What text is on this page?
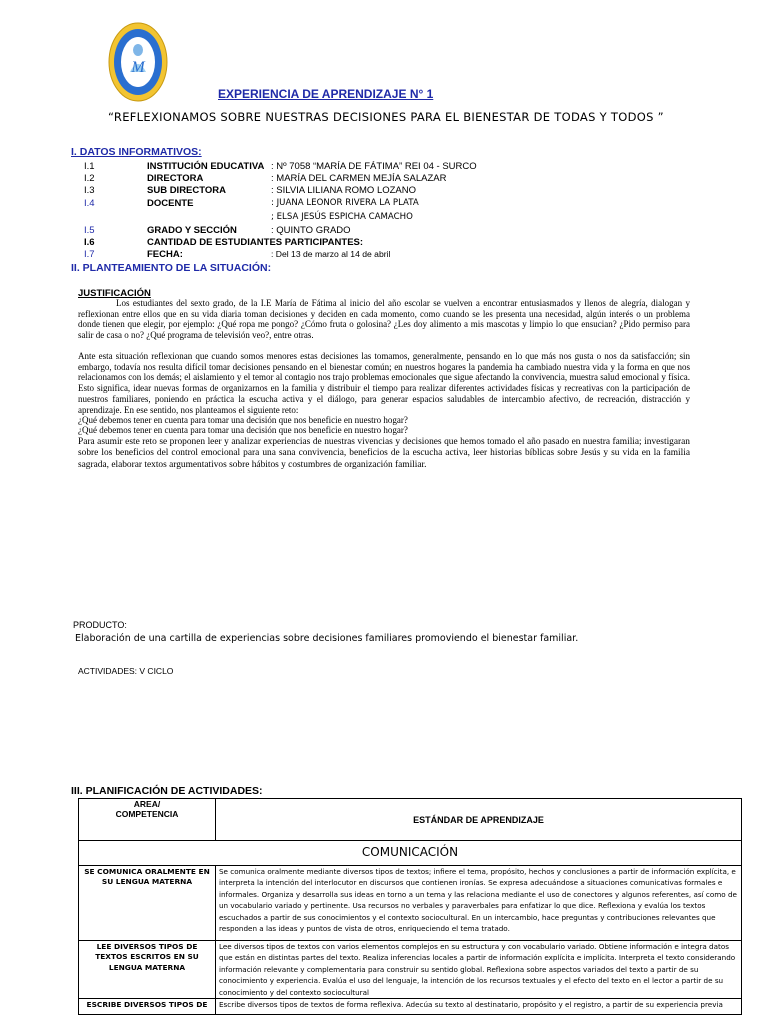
M
EXPERIENCIA DE APRENDIZAJE N° 1
“REFLEXIONAMOS SOBRE NUESTRAS DECISIONES PARA EL BIENESTAR DE TODAS Y TODOS ”
I. DATOS INFORMATIVOS:
I.1	INSTITUCIÓN EDUCATIVA : Nº 7058 “MARÍA DE FÁTIMA” REI 04 - SURCO
I.2	DIRECTORA	: MARÍA DEL CARMEN MEJÍA SALAZAR
I.3	SUB DIRECTORA	: SILVIA LILIANA ROMO LOZANO
I.4	DOCENTE	: JUANA LEONOR RIVERA LA PLATA
; ELSA JESÚS ESPICHA CAMACHO
I.5	GRADO Y SECCIÓN	: QUINTO GRADO
I.6	CANTIDAD DE ESTUDIANTES PARTICIPANTES:
I.7	FECHA:	: Del 13 de marzo al 14 de abril
II. PLANTEAMIENTO DE LA SITUACIÓN:
JUSTIFICACIÓN
Los estudiantes del sexto grado, de la I.E María de Fátima al inicio del año escolar se vuelven a encontrar entusiasmados y llenos de alegría, dialogan y reflexionan entre ellos que en su vida diaria toman decisiones y deciden en cada momento, como cuando se les presenta una necesidad, algún interés o un problema donde tienen que elegir, por ejemplo: ¿Qué ropa me pongo? ¿Cómo fruta o golosina? ¿Les doy alimento a mis mascotas y limpio lo que ensucian? ¿Pido permiso para salir de casa o no? ¿Qué programa de televisión veo?, entre otras.
Ante esta situación reflexionan que cuando somos menores estas decisiones las tomamos, generalmente, pensando en lo que más nos gusta o nos da satisfacción; sin embargo, todavía nos resulta difícil tomar decisiones pensando en el bienestar común; en nuestros hogares la pandemia ha cambiado nuestra vida y la forma en que nos relacionamos con los demás; el aislamiento y el temor al contagio nos trajo problemas emocionales que sigue afectando la convivencia, muestra salud emocional y física. Esto significa, idear nuevas formas de organizarnos en la familia y distribuir el tiempo para realizar diferentes actividades físicas y recreativas con la participación de nuestros familiares, poniendo en práctica la escucha activa y el diálogo, para generar espacios saludables de intercambio afectivo, de recreación, distracción y aprendizaje. En ese sentido, nos planteamos el siguiente reto:
¿Qué debemos tener en cuenta para tomar una decisión que nos beneficie en nuestro hogar?
¿Qué debemos tener en cuenta para tomar una decisión que nos beneficie en nuestro hogar?
Para asumir este reto se proponen leer y analizar experiencias de nuestras vivencias y decisiones que hemos tomado el año pasado en nuestra familia; investigaran sobre los beneficios del control emocional para una sana convivencia, beneficios de la escucha activa, leer historias bíblicas sobre Jesús y su vida en la familia sagrada, elaborar textos argumentativos sobre hábitos y costumbres de organización familiar.
PRODUCTO:
Elaboración de una cartilla de experiencias sobre decisiones familiares promoviendo el bienestar familiar.
ACTIVIDADES: V CICLO
III. PLANIFICACIÓN DE ACTIVIDADES:
AREA/
COMPETENCIA	ESTÁNDAR DE APRENDIZAJE
COMUNICACIÓN	
SE COMUNICA ORALMENTE EN SU LENGUA MATERNA	Se comunica oralmente mediante diversos tipos de textos; infiere el tema, propósito, hechos y conclusiones a partir de información explícita, e interpreta la intención del interlocutor en discursos que contienen ironías. Se expresa adecuándose a situaciones comunicativas formales e informales. Organiza y desarrolla sus ideas en torno a un tema y las relaciona mediante el uso de conectores y algunos referentes, así como de un vocabulario variado y pertinente. Usa recursos no verbales y paraverbales para enfatizar lo que dice. Reflexiona y evalúa los textos escuchados a partir de sus conocimientos y el contexto sociocultural. En un intercambio, hace preguntas y contribuciones relevantes que responden a las ideas y puntos de vista de otros, enriqueciendo el tema tratado.
LEE DIVERSOS TIPOS DE TEXTOS ESCRITOS EN SU LENGUA MATERNA	Lee diversos tipos de textos con varios elementos complejos en su estructura y con vocabulario variado. Obtiene información e integra datos que están en distintas partes del texto. Realiza inferencias locales a partir de información explícita e implícita. Interpreta el texto considerando información relevante y complementaria para construir su sentido global. Reflexiona sobre aspectos variados del texto a partir de su conocimiento y experiencia. Evalúa el uso del lenguaje, la intención de los recursos textuales y el efecto del texto en el lector a partir de su conocimiento y del contexto sociocultural
ESCRIBE DIVERSOS TIPOS DE	Escribe diversos tipos de textos de forma reflexiva. Adecúa su texto al destinatario, propósito y el registro, a partir de su experiencia previa
